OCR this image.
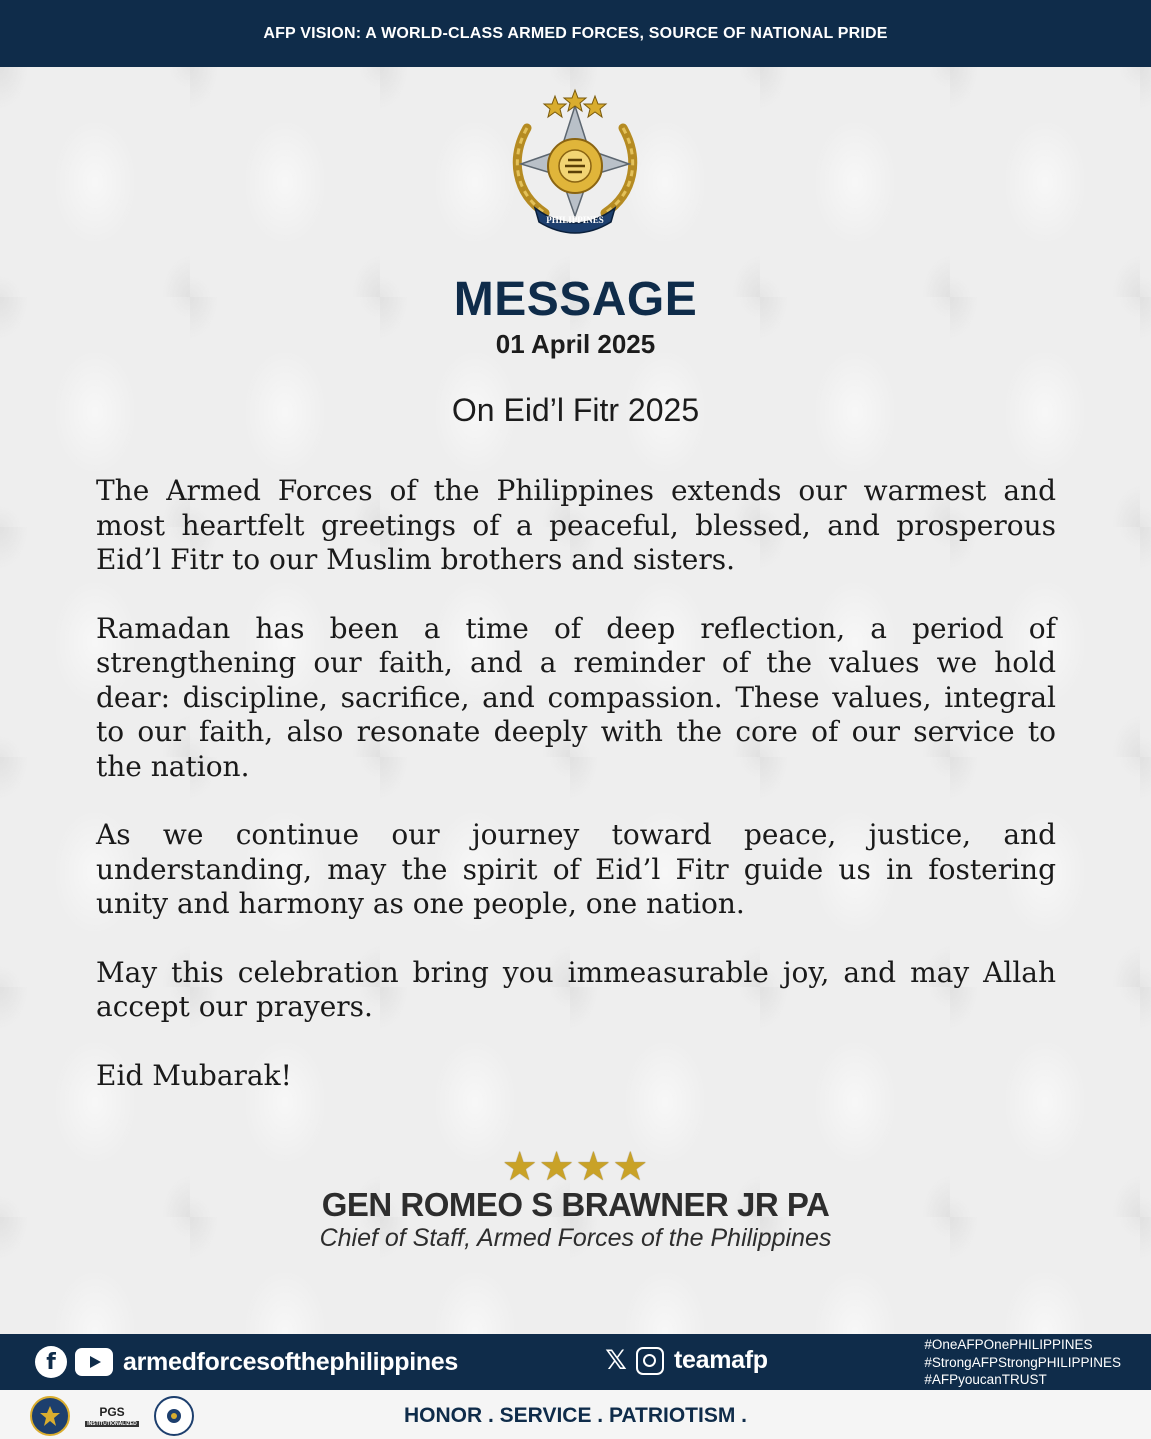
AFP VISION: A WORLD-CLASS ARMED FORCES, SOURCE OF NATIONAL PRIDE
PHILIPPINES
MESSAGE
01 April 2025
On Eid’l Fitr 2025

The Armed Forces of the Philippines extends our warmest and most heartfelt greetings of a peaceful, blessed, and prosperous Eid’l Fitr to our Muslim brothers and sisters.

Ramadan has been a time of deep reflection, a period of strengthening our faith, and a reminder of the values we hold dear: discipline, sacrifice, and compassion. These values, integral to our faith, also resonate deeply with the core of our service to the nation.

As we continue our journey toward peace, justice, and understanding, may the spirit of Eid’l Fitr guide us in fostering unity and harmony as one people, one nation.

May this celebration bring you immeasurable joy, and may Allah accept our prayers.

Eid Mubarak!

★★★★
GEN ROMEO S BRAWNER JR PA
Chief of Staff, Armed Forces of the Philippines
f	armedforcesofthephilippines	𝕏 teamafp
#OneAFPOnePHILIPPINES
#StrongAFPStrongPHILIPPINES
#AFPyoucanTRUST
PGS
INSTITUTIONALIZED	HONOR . SERVICE . PATRIOTISM .
